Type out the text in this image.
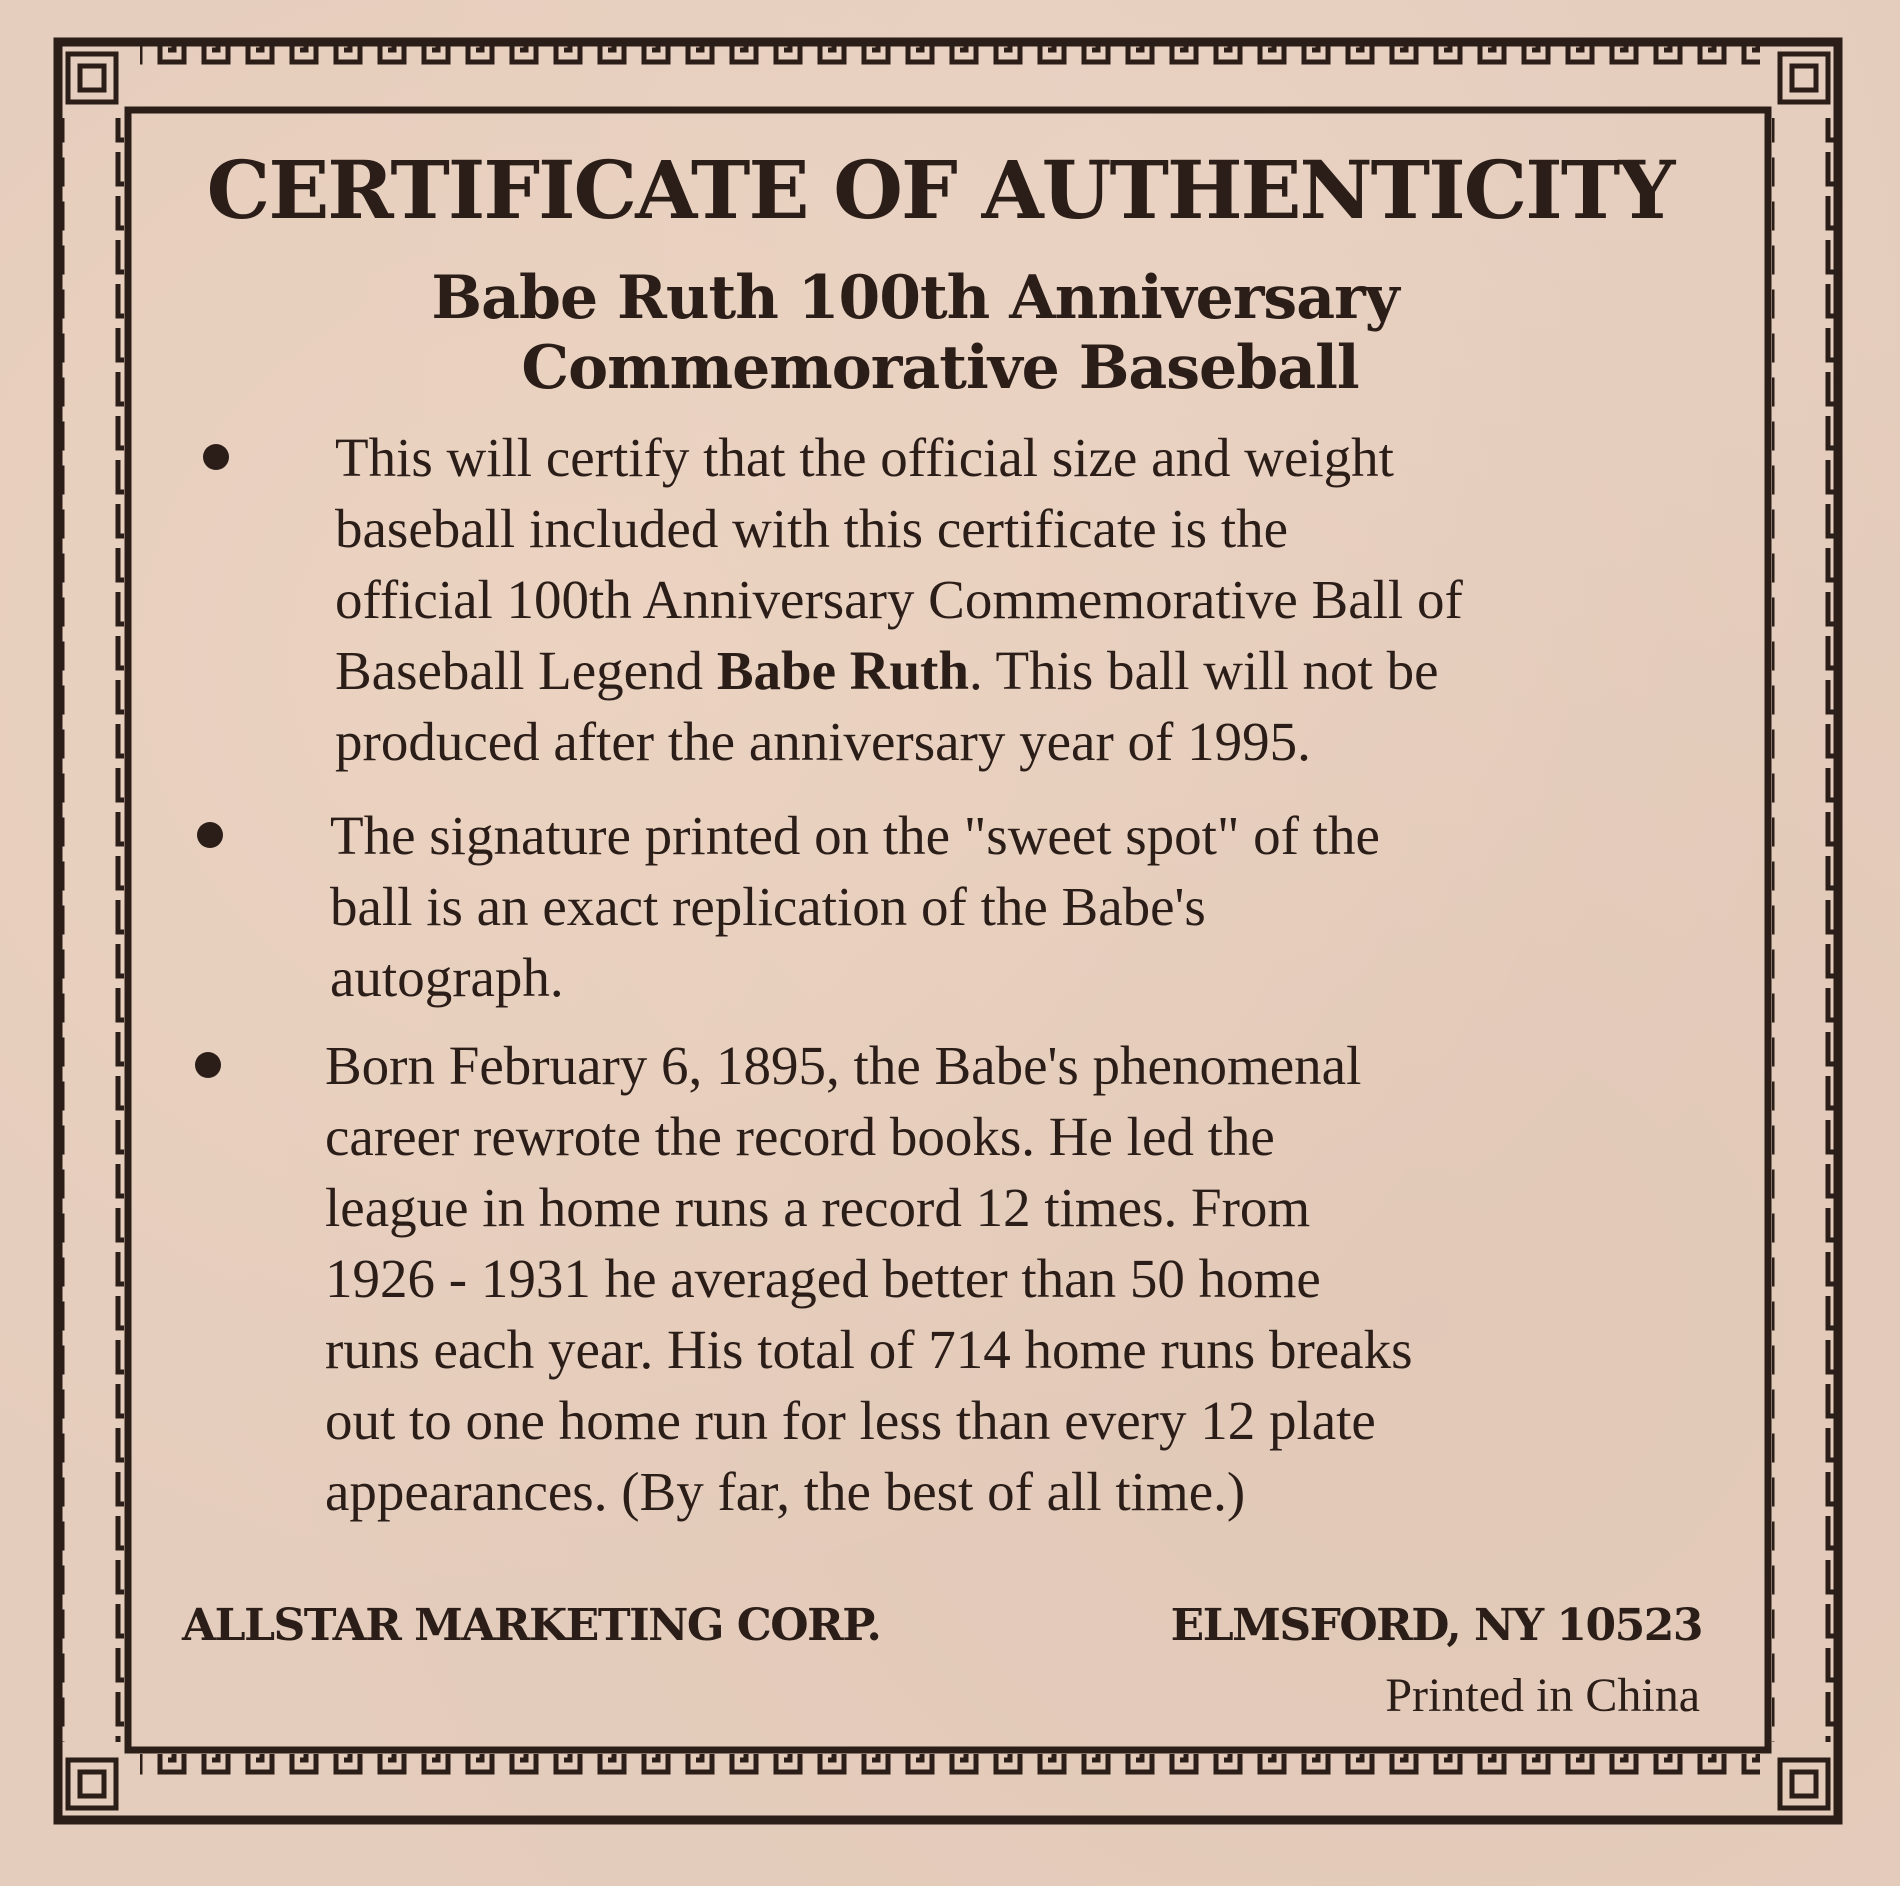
CERTIFICATE OF AUTHENTICITY
Babe Ruth 100th Anniversary
Commemorative Baseball

This will certify that the official size and weight
baseball included with this certificate is the
official 100th Anniversary Commemorative Ball of
Baseball Legend Babe Ruth. This ball will not be
produced after the anniversary year of 1995.

The signature printed on the "sweet spot" of the
ball is an exact replication of the Babe's
autograph.

Born February 6, 1895, the Babe's phenomenal
career rewrote the record books. He led the
league in home runs a record 12 times. From
1926 - 1931 he averaged better than 50 home
runs each year. His total of 714 home runs breaks
out to one home run for less than every 12 plate
appearances. (By far, the best of all time.)

ALLSTAR MARKETING CORP.	ELMSFORD, NY 10523

Printed in China
